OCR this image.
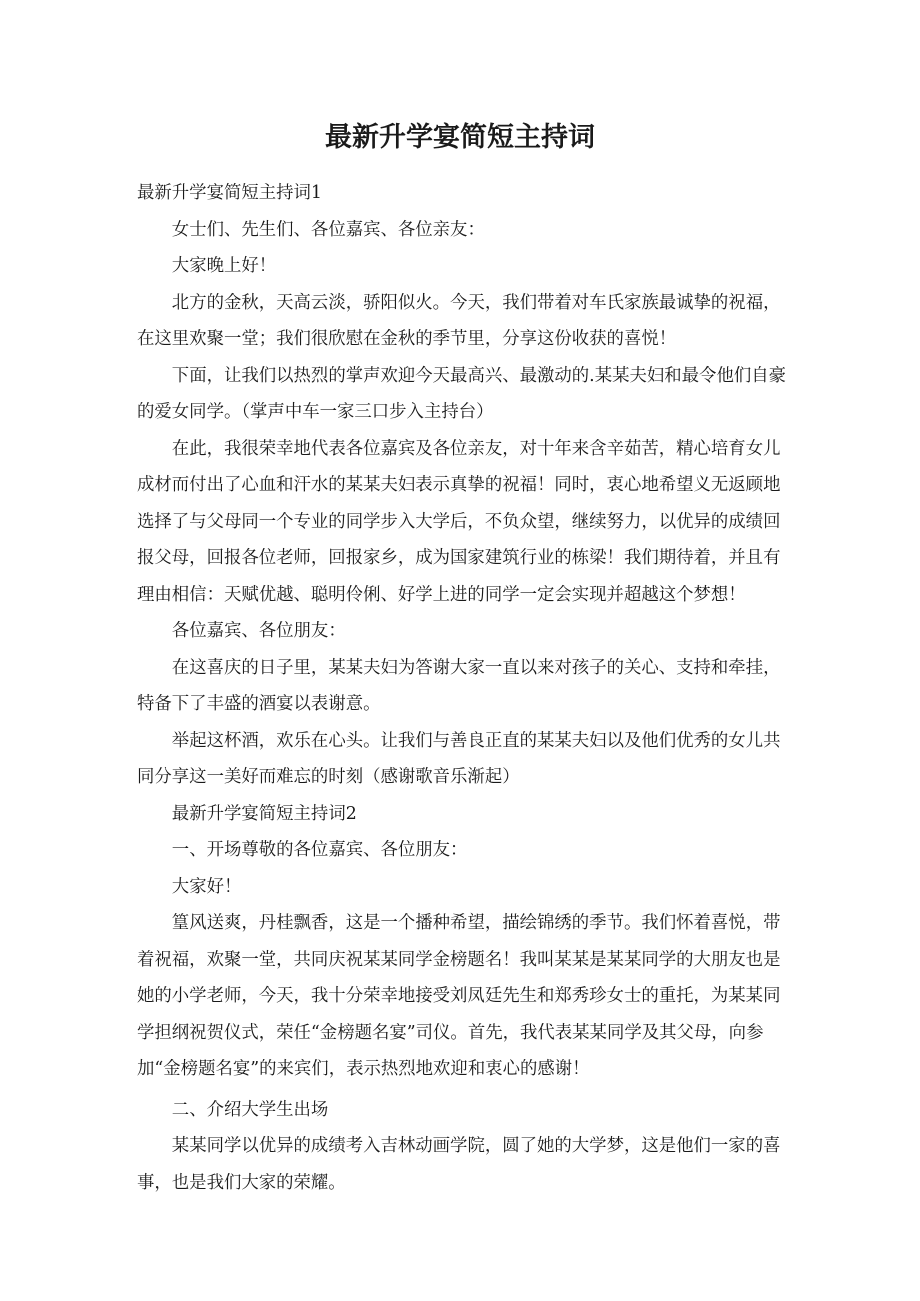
最新升学宴简短主持词

最新升学宴简短主持词1

女士们、先生们、各位嘉宾、各位亲友：

大家晚上好！

北方的金秋，天高云淡，骄阳似火。今天，我们带着对车氏家族最诚挚的祝福，在这里欢聚一堂；我们很欣慰在金秋的季节里，分享这份收获的喜悦！

下面，让我们以热烈的掌声欢迎今天最高兴、最激动的.某某夫妇和最令他们自豪的爱女同学。（掌声中车一家三口步入主持台）

在此，我很荣幸地代表各位嘉宾及各位亲友，对十年来含辛茹苦，精心培育女儿成材而付出了心血和汗水的某某夫妇表示真挚的祝福！同时，衷心地希望义无返顾地选择了与父母同一个专业的同学步入大学后，不负众望，继续努力，以优异的成绩回报父母，回报各位老师，回报家乡，成为国家建筑行业的栋梁！我们期待着，并且有理由相信：天赋优越、聪明伶俐、好学上进的同学一定会实现并超越这个梦想！

各位嘉宾、各位朋友：

在这喜庆的日子里，某某夫妇为答谢大家一直以来对孩子的关心、支持和牵挂，特备下了丰盛的酒宴以表谢意。

举起这杯酒，欢乐在心头。让我们与善良正直的某某夫妇以及他们优秀的女儿共同分享这一美好而难忘的时刻（感谢歌音乐渐起）

最新升学宴简短主持词2

一、开场尊敬的各位嘉宾、各位朋友：

大家好！

篁风送爽，丹桂飘香，这是一个播种希望，描绘锦绣的季节。我们怀着喜悦，带着祝福，欢聚一堂，共同庆祝某某同学金榜题名！我叫某某是某某同学的大朋友也是她的小学老师，今天，我十分荣幸地接受刘凤廷先生和郑秀珍女士的重托，为某某同学担纲祝贺仪式，荣任“金榜题名宴”司仪。首先，我代表某某同学及其父母，向参加“金榜题名宴”的来宾们，表示热烈地欢迎和衷心的感谢！

二、介绍大学生出场

某某同学以优异的成绩考入吉林动画学院，圆了她的大学梦，这是他们一家的喜事，也是我们大家的荣耀。
